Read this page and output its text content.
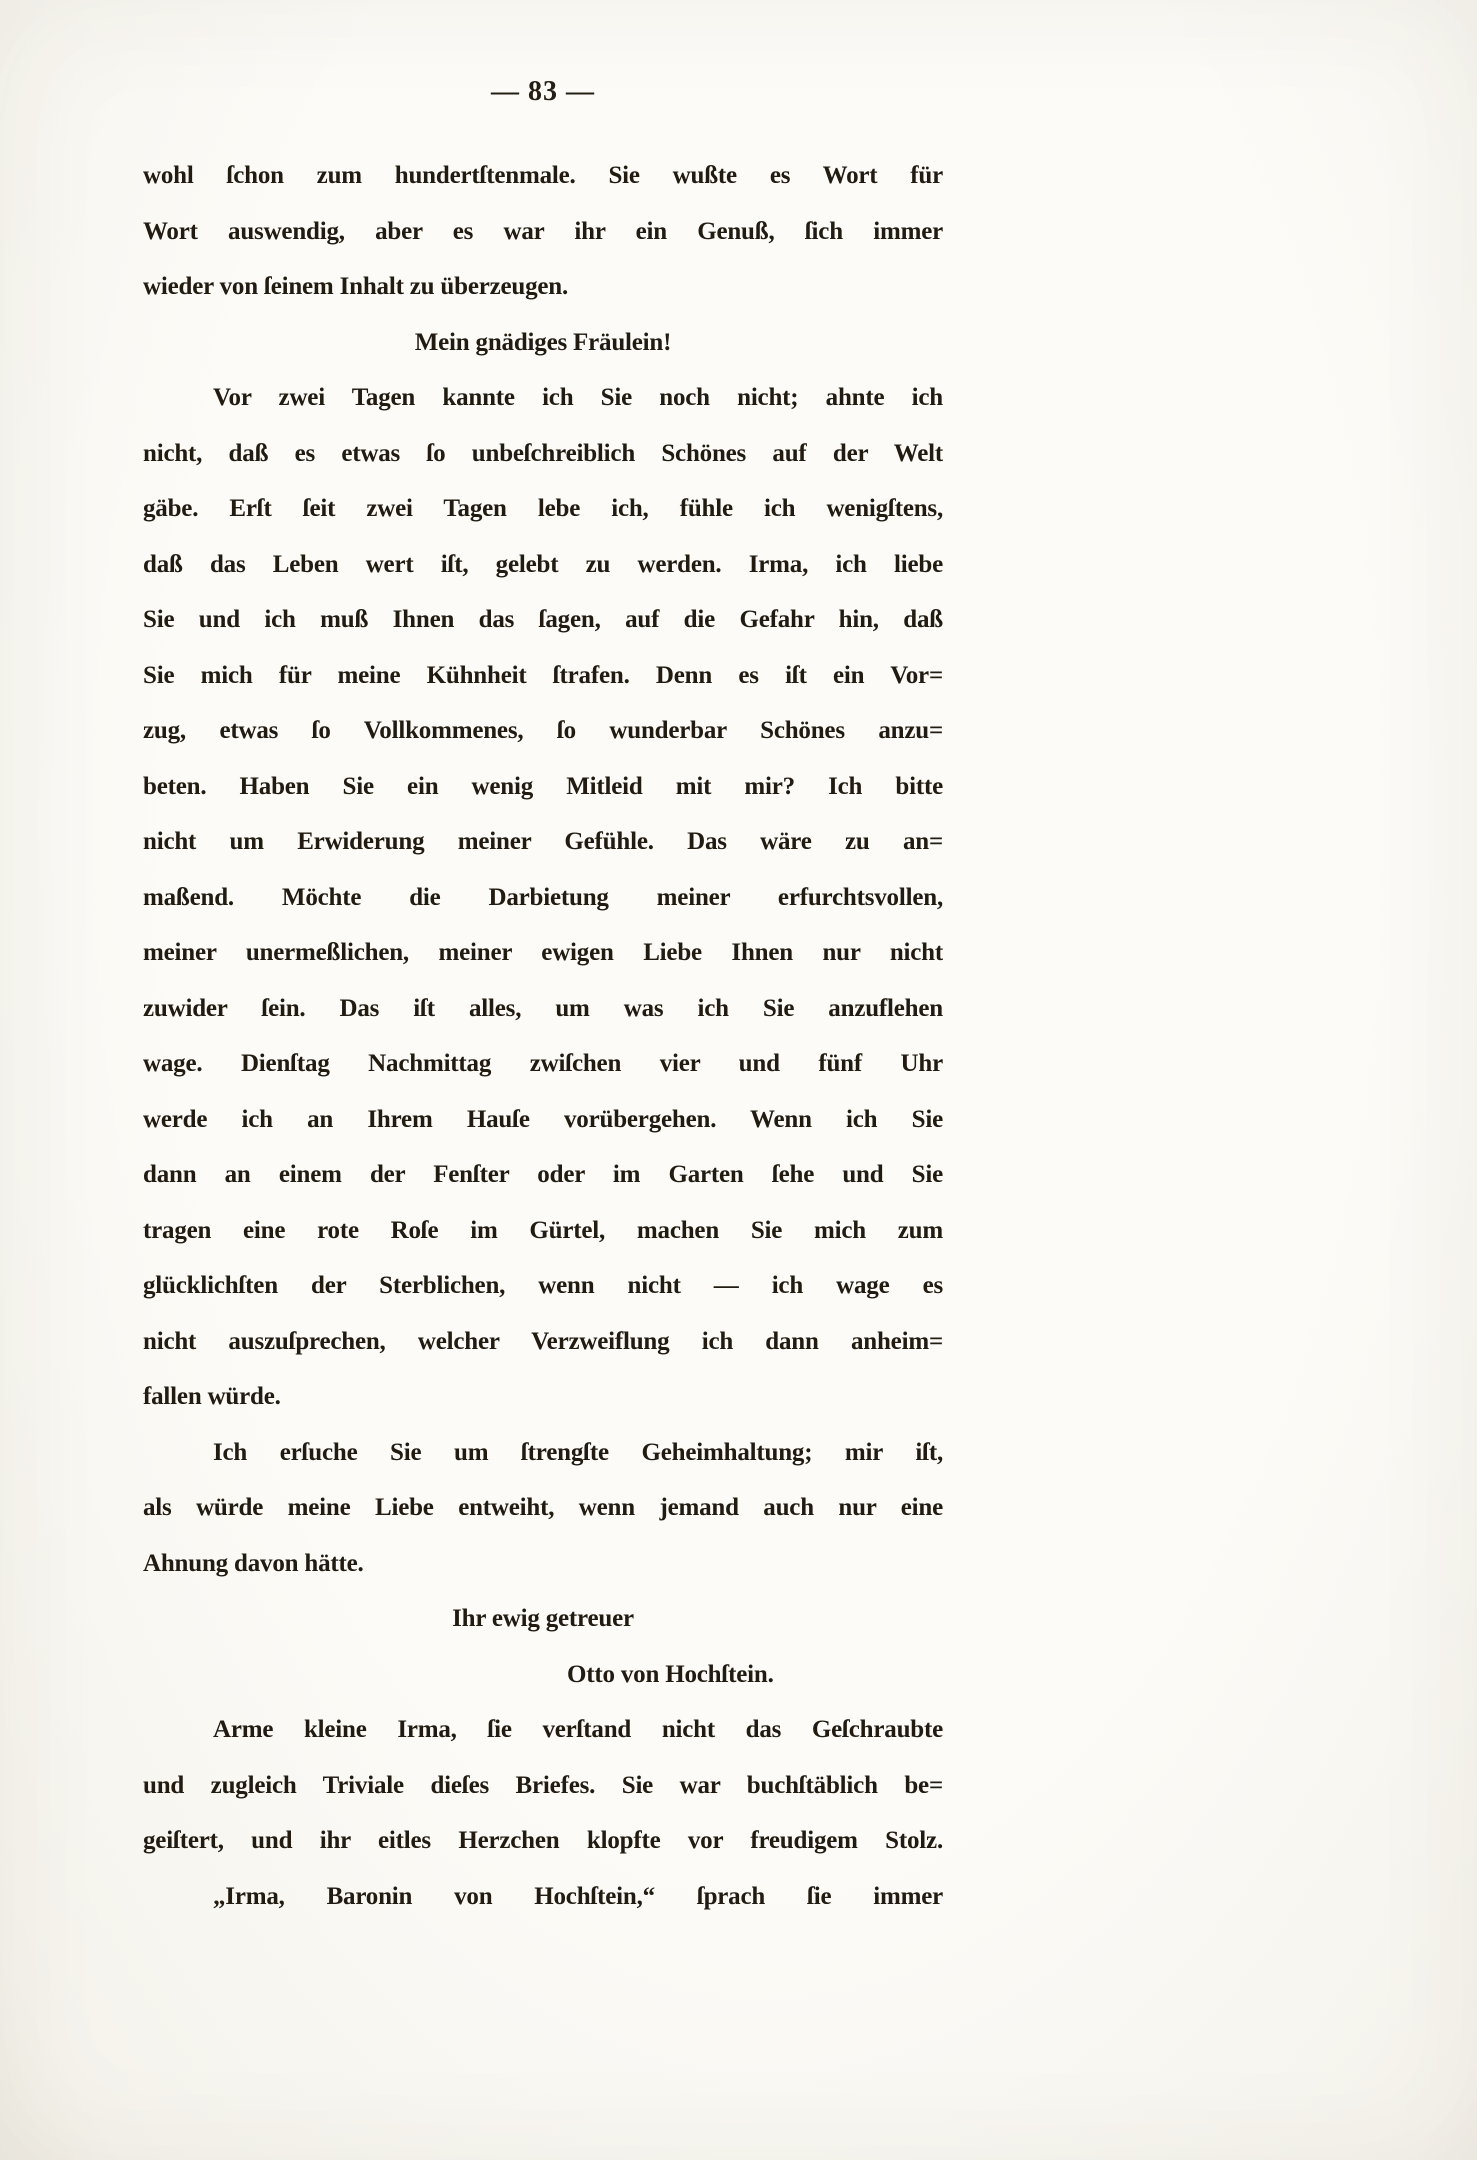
— 83 —
wohl ſchon zum hundertſtenmale. Sie wußte es Wort für
Wort auswendig, aber es war ihr ein Genuß, ſich immer
wieder von ſeinem Inhalt zu überzeugen.
Mein gnädiges Fräulein!
Vor zwei Tagen kannte ich Sie noch nicht; ahnte ich
nicht, daß es etwas ſo unbeſchreiblich Schönes auf der Welt
gäbe. Erſt ſeit zwei Tagen lebe ich, fühle ich wenigſtens,
daß das Leben wert iſt, gelebt zu werden. Irma, ich liebe
Sie und ich muß Ihnen das ſagen, auf die Gefahr hin, daß
Sie mich für meine Kühnheit ſtrafen. Denn es iſt ein Vor=
zug, etwas ſo Vollkommenes, ſo wunderbar Schönes anzu=
beten. Haben Sie ein wenig Mitleid mit mir? Ich bitte
nicht um Erwiderung meiner Gefühle. Das wäre zu an=
maßend. Möchte die Darbietung meiner erfurchtsvollen,
meiner unermeßlichen, meiner ewigen Liebe Ihnen nur nicht
zuwider ſein. Das iſt alles, um was ich Sie anzuflehen
wage. Dienſtag Nachmittag zwiſchen vier und fünf Uhr
werde ich an Ihrem Hauſe vorübergehen. Wenn ich Sie
dann an einem der Fenſter oder im Garten ſehe und Sie
tragen eine rote Roſe im Gürtel, machen Sie mich zum
glücklichſten der Sterblichen, wenn nicht — ich wage es
nicht auszuſprechen, welcher Verzweiflung ich dann anheim=
fallen würde.
Ich erſuche Sie um ſtrengſte Geheimhaltung; mir iſt,
als würde meine Liebe entweiht, wenn jemand auch nur eine
Ahnung davon hätte.
Ihr ewig getreuer
Otto von Hochſtein.
Arme kleine Irma, ſie verſtand nicht das Geſchraubte
und zugleich Triviale dieſes Briefes. Sie war buchſtäblich be=
geiſtert, und ihr eitles Herzchen klopfte vor freudigem Stolz.
„Irma, Baronin von Hochſtein,“ ſprach ſie immer
